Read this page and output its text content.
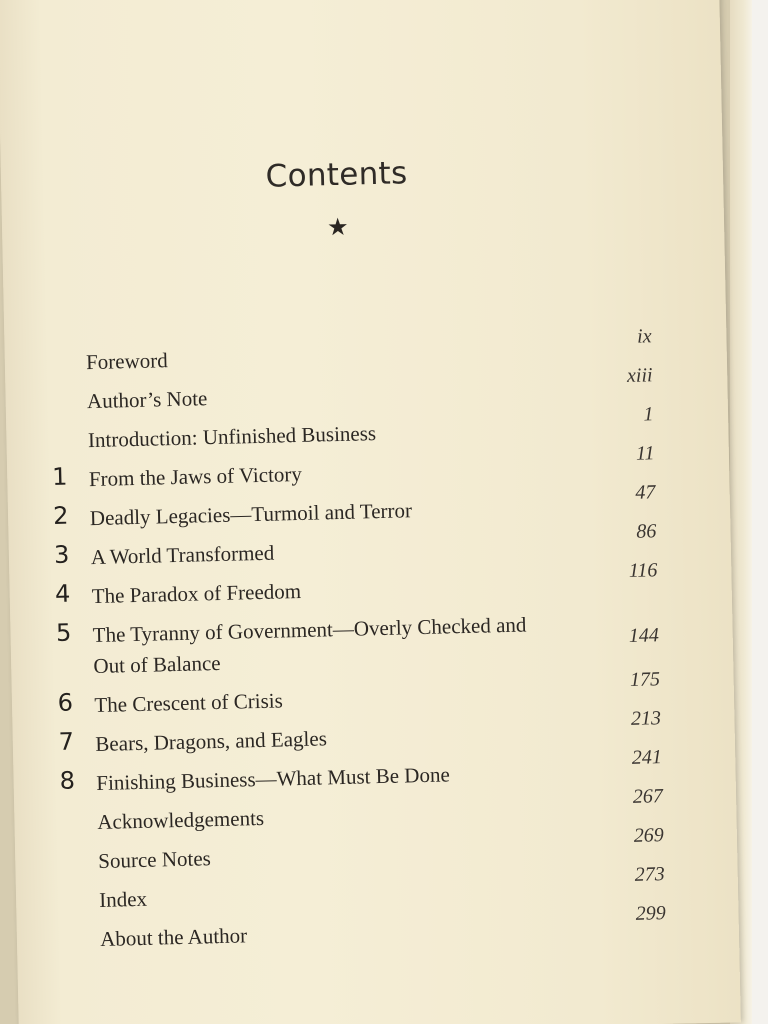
Contents
★
Foreword
ix
Author’s Note
xiii
Introduction: Unfinished Business
1
1 From the Jaws of Victory
11
2 Deadly Legacies—Turmoil and Terror
47
3 A World Transformed
86
4 The Paradox of Freedom
116
5 The Tyranny of Government—Overly Checked and Out of Balance
144
6 The Crescent of Crisis
175
7 Bears, Dragons, and Eagles
213
8 Finishing Business—What Must Be Done
241
Acknowledgements
267
Source Notes
269
Index
273
About the Author
299
